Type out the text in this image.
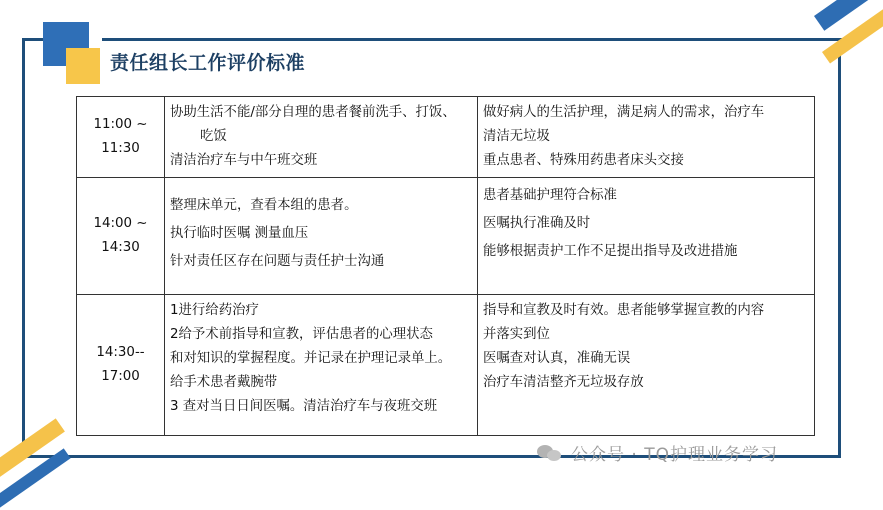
责任组长工作评价标准
11:00 ~
11:30	协助生活不能/部分自理的患者餐前洗手、打饭、
吃饭
清洁治疗车与中午班交班	做好病人的生活护理，满足病人的需求，治疗车
清洁无垃圾
重点患者、特殊用药患者床头交接

14:00 ~
14:30	整理床单元，查看本组的患者。
执行临时医嘱 测量血压
针对责任区存在问题与责任护士沟通	患者基础护理符合标准
医嘱执行准确及时
能够根据责护工作不足提出指导及改进措施

14:30--
17:00	1进行给药治疗
2给予术前指导和宣教，评估患者的心理状态
和对知识的掌握程度。并记录在护理记录单上。
给手术患者戴腕带
3 查对当日日间医嘱。清洁治疗车与夜班交班	指导和宣教及时有效。患者能够掌握宣教的内容
并落实到位
医嘱查对认真，准确无误
治疗车清洁整齐无垃圾存放
公众号 · TQ护理业务学习
